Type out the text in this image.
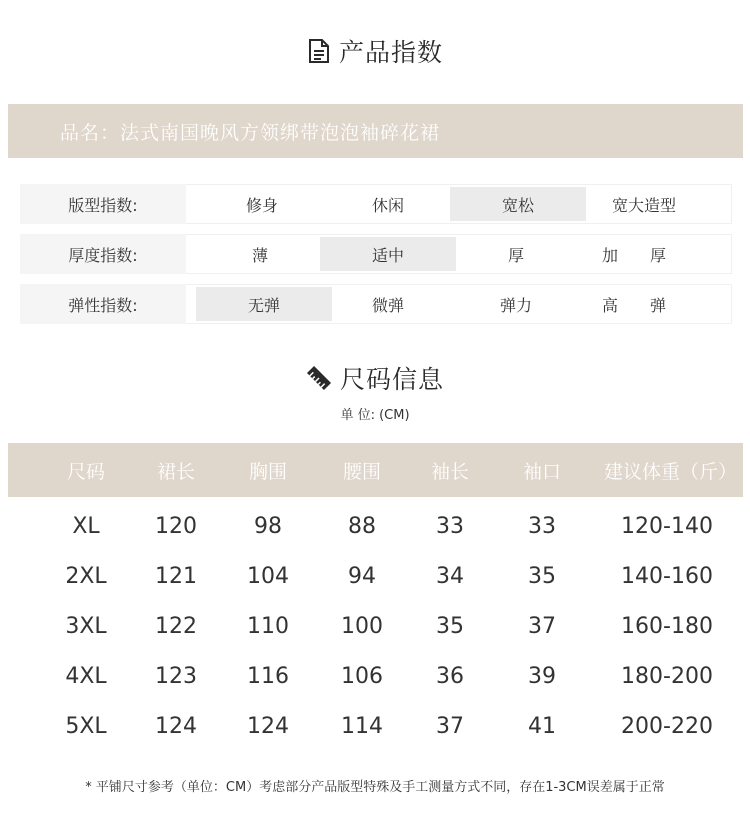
产品指数
品名：法式南国晚风方领绑带泡泡袖碎花裙
版型指数:	修身	休闲	宽松	宽大造型
厚度指数:	薄	适中	厚	加　　厚
弹性指数:	无弹	微弹	弹力	高　　弹
尺码信息
单 位: (CM)
尺码	裙长	胸围	腰围	袖长	袖口	建议体重（斤）
XL	120	98	88	33	33	120-140
2XL	121	104	94	34	35	140-160
3XL	122	110	100	35	37	160-180
4XL	123	116	106	36	39	180-200
5XL	124	124	114	37	41	200-220
* 平铺尺寸参考（单位：CM）考虑部分产品版型特殊及手工测量方式不同，存在1-3CM误差属于正常
